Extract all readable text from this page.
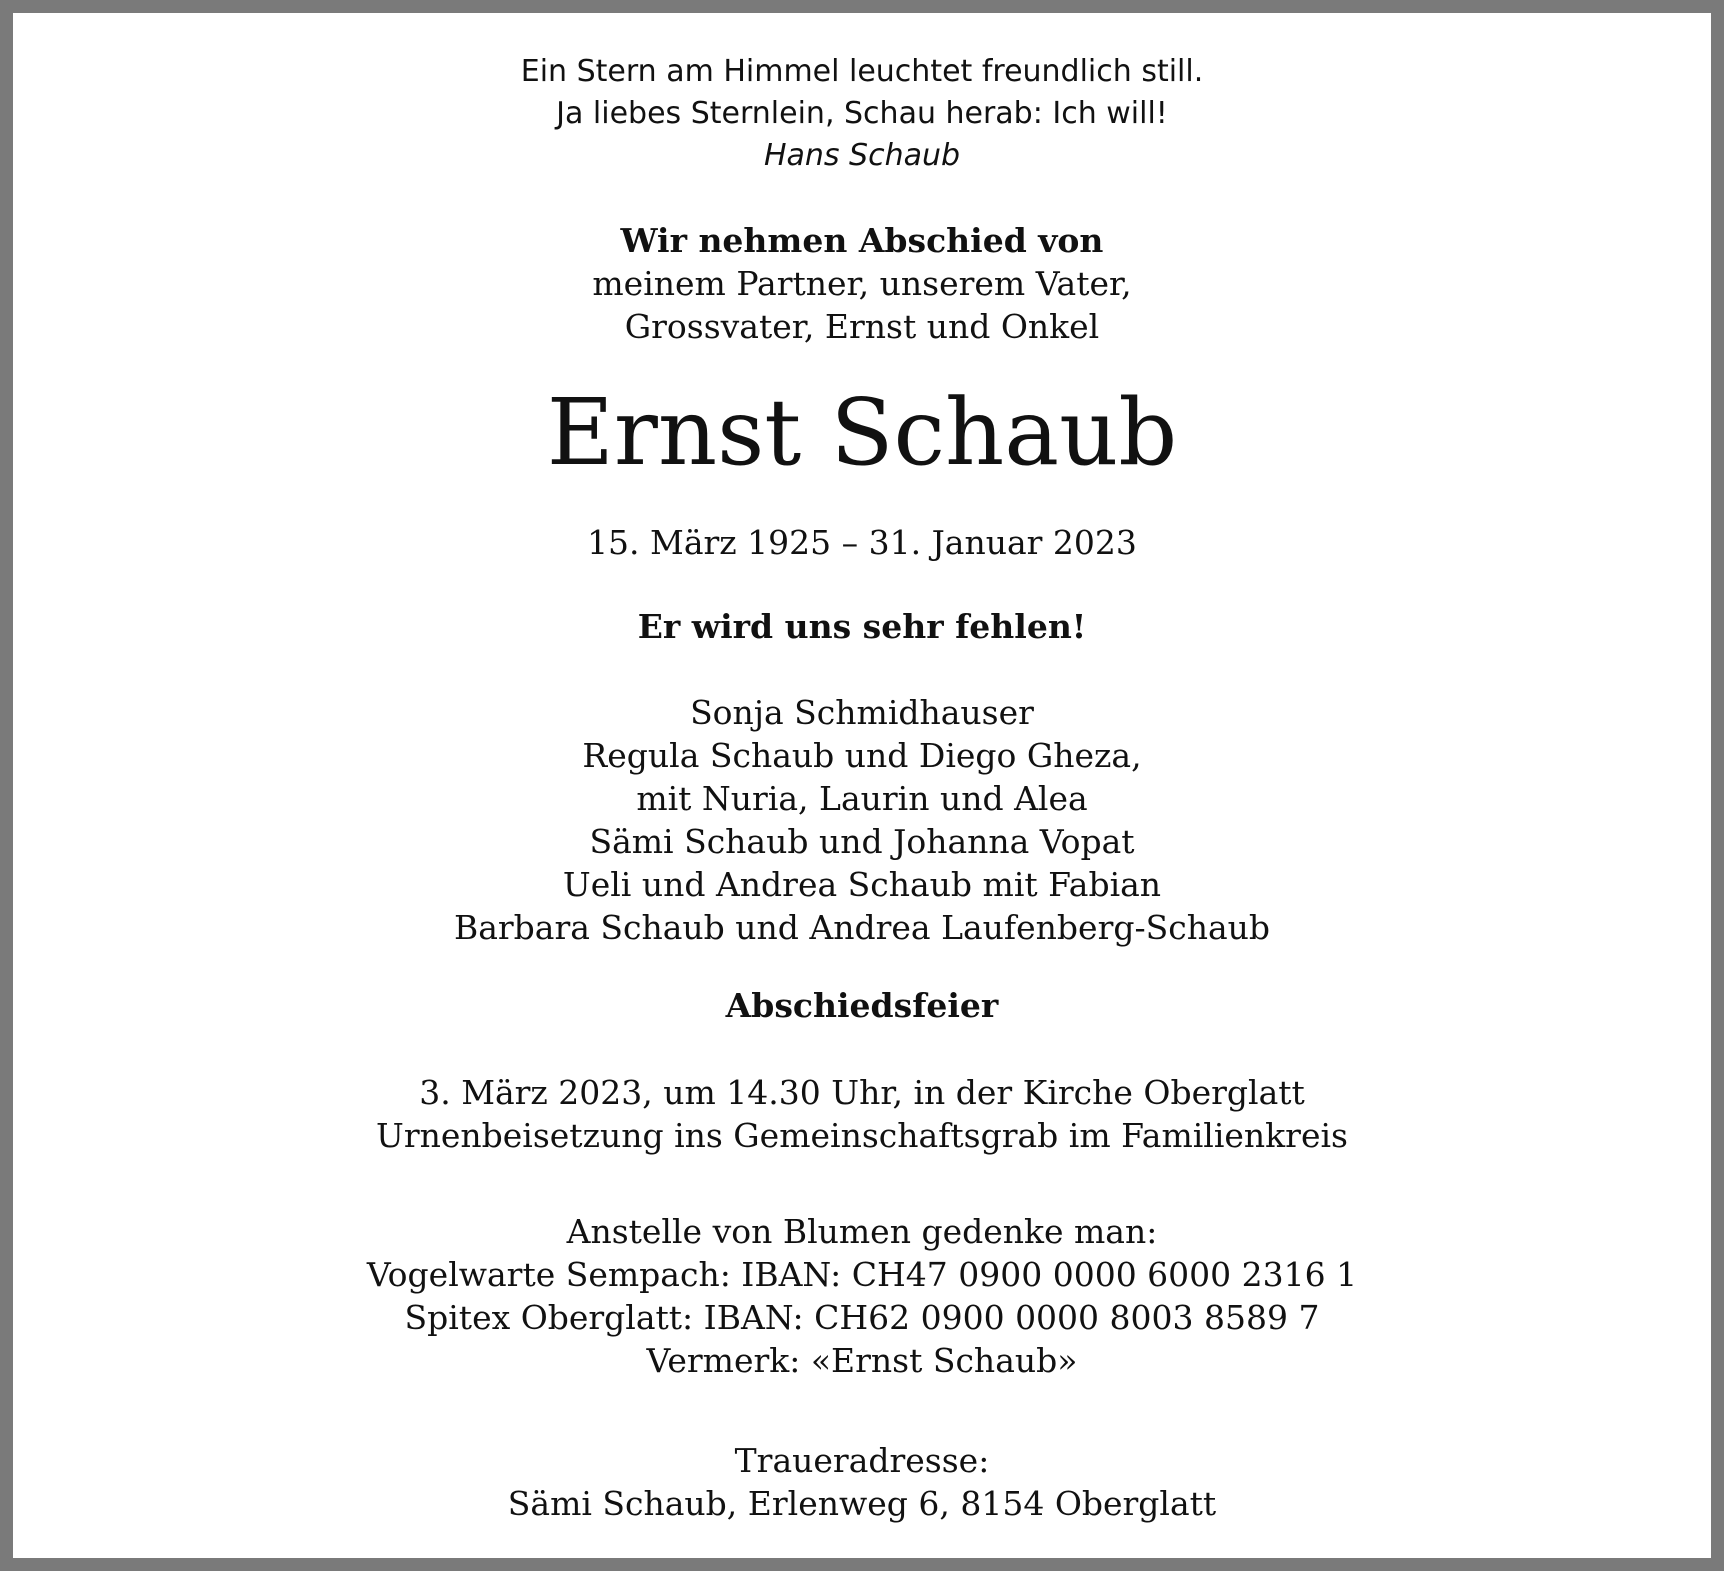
Ein Stern am Himmel leuchtet freundlich still.
Ja liebes Sternlein, Schau herab: Ich will!
Hans Schaub
Wir nehmen Abschied von
meinem Partner, unserem Vater,
Grossvater, Ernst und Onkel
Ernst Schaub
15. März 1925 – 31. Januar 2023
Er wird uns sehr fehlen!
Sonja Schmidhauser
Regula Schaub und Diego Gheza,
mit Nuria, Laurin und Alea
Sämi Schaub und Johanna Vopat
Ueli und Andrea Schaub mit Fabian
Barbara Schaub und Andrea Laufenberg-Schaub
Abschiedsfeier
3. März 2023, um 14.30 Uhr, in der Kirche Oberglatt
Urnenbeisetzung ins Gemeinschaftsgrab im Familienkreis
Anstelle von Blumen gedenke man:
Vogelwarte Sempach: IBAN: CH47 0900 0000 6000 2316 1
Spitex Oberglatt: IBAN: CH62 0900 0000 8003 8589 7
Vermerk: «Ernst Schaub»
Traueradresse:
Sämi Schaub, Erlenweg 6, 8154 Oberglatt
